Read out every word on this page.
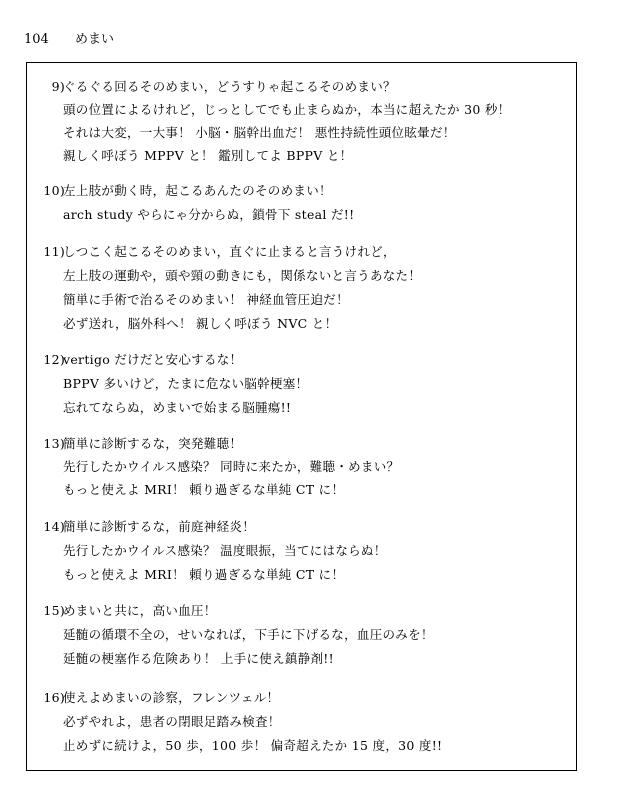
104 めまい
9)
ぐるぐる回るそのめまい，どうすりゃ起こるそのめまい？
頭の位置によるけれど，じっとしてでも止まらぬか，本当に超えたか 30 秒！
それは大変，一大事！ 小脳・脳幹出血だ！ 悪性持続性頭位眩暈だ！
親しく呼ぼう MPPV と！ 鑑別してよ BPPV と！
10)
左上肢が動く時，起こるあんたのそのめまい！
arch study やらにゃ分からぬ，鎖骨下 steal だ!!
11)
しつこく起こるそのめまい，直ぐに止まると言うけれど，
左上肢の運動や，頭や頸の動きにも，関係ないと言うあなた！
簡単に手術で治るそのめまい！ 神経血管圧迫だ！
必ず送れ，脳外科へ！ 親しく呼ぼう NVC と！
12)
vertigo だけだと安心するな！
BPPV 多いけど，たまに危ない脳幹梗塞！
忘れてならぬ，めまいで始まる脳腫瘍!!
13)
簡単に診断するな，突発難聴！
先行したかウイルス感染？ 同時に来たか，難聴・めまい？
もっと使えよ MRI！ 頼り過ぎるな単純 CT に！
14)
簡単に診断するな，前庭神経炎！
先行したかウイルス感染？ 温度眼振，当てにはならぬ！
もっと使えよ MRI！ 頼り過ぎるな単純 CT に！
15)
めまいと共に，高い血圧！
延髄の循環不全の，せいなれば，下手に下げるな，血圧のみを！
延髄の梗塞作る危険あり！ 上手に使え鎮静剤!!
16)
使えよめまいの診察，フレンツェル！
必ずやれよ，患者の閉眼足踏み検査！
止めずに続けよ，50 歩，100 歩！ 偏奇超えたか 15 度，30 度!!
